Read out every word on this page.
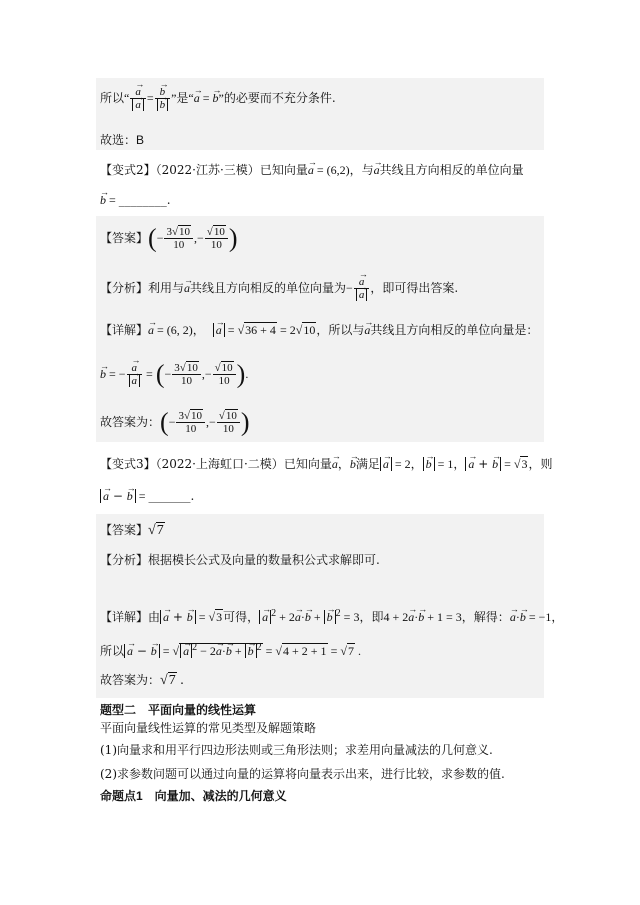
所以“ → a
→ a = → b
→ b ”是“→ a = → b”的必要而不充分条件.
故选：B
【变式2】（2022·江苏·三模）已知向量→ a = (6,2)，与→ a共线且方向相反的单位向量
→ b = ________.
【答案】(− $\frac{3√10}{10}$ ,− $\frac{√10}{10}$ )
【分析】利用与→ a共线且方向相反的单位向量为− → a
→ a ，即可得出答案.
【详解】→ a = (6, 2)， → a = √36 + 4 = 2√10，所以与→ a共线且方向相反的单位向量是：
→ b = − → a
→ a = (− $\frac{3√10}{10}$ ,− $\frac{√10}{10}$ ).
故答案为：(− $\frac{3√10}{10}$ ,− $\frac{√10}{10}$ )
【变式3】（2022·上海虹口·二模）已知向量→ a，→ b满足 → a = 2， → b = 1， → a + → b = √3，则
→ a − → b = _______.
【答案】√7
【分析】根据模长公式及向量的数量积公式求解即可.
【详解】由 → a + → b = √3可得， → a $^2$ + 2→ a·→ b + → b $^2$ = 3，即4 + 2→ a·→ b + 1 = 3，解得：→ a·→ b = −1，
所以 → a − → b = √ → a $^2$ − 2→ a·→ b + → b $^2$ = √4 + 2 + 1 = √7 .
故答案为：√7 .
题型二　平面向量的线性运算
平面向量线性运算的常见类型及解题策略
(1)向量求和用平行四边形法则或三角形法则；求差用向量减法的几何意义.
(2)求参数问题可以通过向量的运算将向量表示出来，进行比较，求参数的值.
命题点1　向量加、减法的几何意义
